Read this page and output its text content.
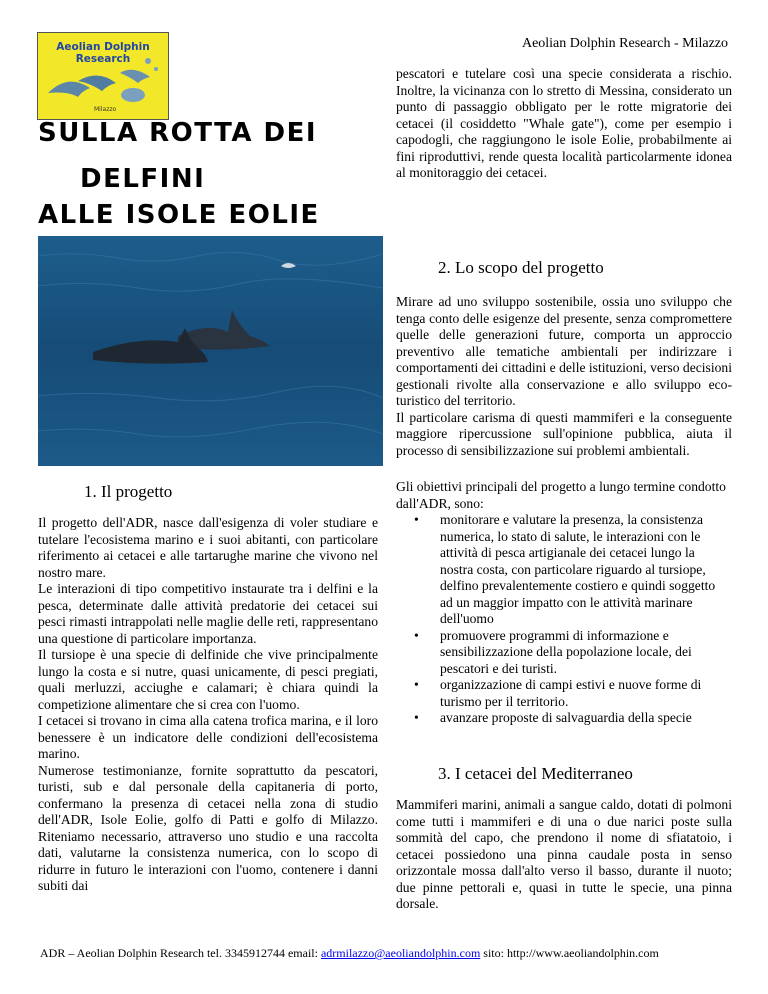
Aeolian Dolphin Research - Milazzo
Aeolian Dolphin
Research
Milazzo
SULLA ROTTA DEI
DELFINI
ALLE ISOLE EOLIE
1. Il progetto
Il progetto dell'ADR, nasce dall'esigenza di voler studiare e tutelare l'ecosistema marino e i suoi abitanti, con particolare riferimento ai cetacei e alle tartarughe marine che vivono nel nostro mare.
Le interazioni di tipo competitivo instaurate tra i delfini e la pesca, determinate dalle attività predatorie dei cetacei sui pesci rimasti intrappolati nelle maglie delle reti, rappresentano una questione di particolare importanza.
Il tursiope è una specie di delfinide che vive principalmente lungo la costa e si nutre, quasi unicamente, di pesci pregiati, quali merluzzi, acciughe e calamari; è chiara quindi la competizione alimentare che si crea con l'uomo.
I cetacei si trovano in cima alla catena trofica marina, e il loro benessere è un indicatore delle condizioni dell'ecosistema marino.
Numerose testimonianze, fornite soprattutto da pescatori, turisti, sub e dal personale della capitaneria di porto, confermano la presenza di cetacei nella zona di studio dell'ADR, Isole Eolie, golfo di Patti e golfo di Milazzo. Riteniamo necessario, attraverso uno studio e una raccolta dati, valutarne la consistenza numerica, con lo scopo di ridurre in futuro le interazioni con l'uomo, contenere i danni subiti dai
pescatori e tutelare così una specie considerata a rischio. Inoltre, la vicinanza con lo stretto di Messina, considerato un punto di passaggio obbligato per le rotte migratorie dei cetacei (il cosiddetto "Whale gate"), come per esempio i capodogli, che raggiungono le isole Eolie, probabilmente ai fini riproduttivi, rende questa località particolarmente idonea al monitoraggio dei cetacei.
2. Lo scopo del progetto
Mirare ad uno sviluppo sostenibile, ossia uno sviluppo che tenga conto delle esigenze del presente, senza compromettere quelle delle generazioni future, comporta un approccio preventivo alle tematiche ambientali per indirizzare i comportamenti dei cittadini e delle istituzioni, verso decisioni gestionali rivolte alla conservazione e allo sviluppo eco-turistico del territorio.
Il particolare carisma di questi mammiferi e la conseguente maggiore ripercussione sull'opinione pubblica, aiuta il processo di sensibilizzazione sui problemi ambientali.
Gli obiettivi principali del progetto a lungo termine condotto dall'ADR, sono:
• monitorare e valutare la presenza, la consistenza numerica, lo stato di salute, le interazioni con le attività di pesca artigianale dei cetacei lungo la nostra costa, con particolare riguardo al tursiope, delfino prevalentemente costiero e quindi soggetto ad un maggior impatto con le attività marinare dell'uomo
• promuovere programmi di informazione e sensibilizzazione della popolazione locale, dei pescatori e dei turisti.
• organizzazione di campi estivi e nuove forme di turismo per il territorio.
• avanzare proposte di salvaguardia della specie
3. I cetacei del Mediterraneo
Mammiferi marini, animali a sangue caldo, dotati di polmoni come tutti i mammiferi e di una o due narici poste sulla sommità del capo, che prendono il nome di sfiatatoio, i cetacei possiedono una pinna caudale posta in senso orizzontale mossa dall'alto verso il basso, durante il nuoto; due pinne pettorali e, quasi in tutte le specie, una pinna dorsale.
ADR – Aeolian Dolphin Research tel. 3345912744 email: adrmilazzo@aeoliandolphin.com sito: http://www.aeoliandolphin.com
